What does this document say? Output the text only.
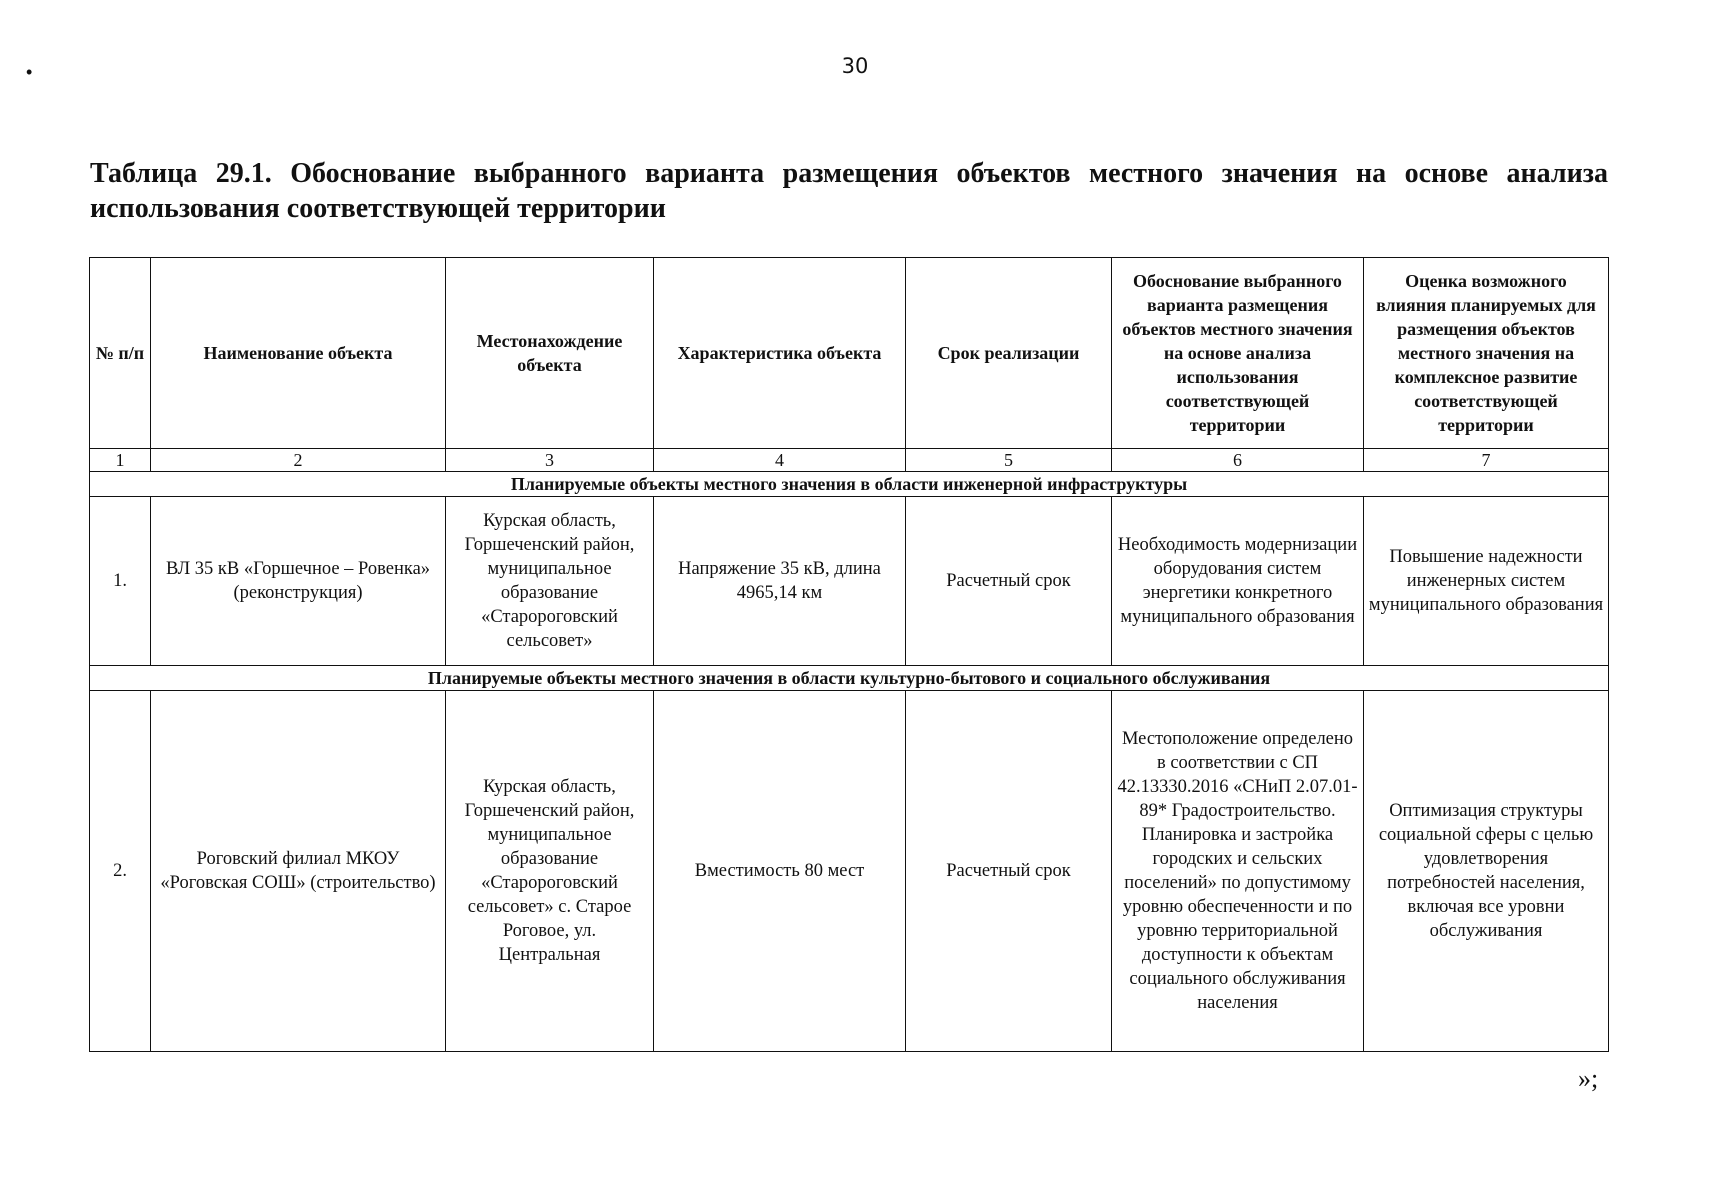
•	30
Таблица 29.1. Обоснование выбранного варианта размещения объектов местного значения на основе анализа использования соответствующей территории
№ п/п	Наименование объекта	Местонахождение объекта	Характеристика объекта	Срок реализации	Обоснование выбранного варианта размещения объектов местного значения на основе анализа использования соответствующей территории	Оценка возможного влияния планируемых для размещения объектов местного значения на комплексное развитие соответствующей территории
1	2	3	4	5	6	7
Планируемые объекты местного значения в области инженерной инфраструктуры						
1.	ВЛ 35 кВ «Горшечное – Ровенка» (реконструкция)	Курская область, Горшеченский район, муниципальное образование «Старороговский сельсовет»	Напряжение 35 кВ, длина 4965,14 км	Расчетный срок	Необходимость модернизации оборудования систем энергетики конкретного муниципального образования	Повышение надежности инженерных систем муниципального образования
Планируемые объекты местного значения в области культурно-бытового и социального обслуживания						
2.	Роговский филиал МКОУ «Роговская СОШ» (строительство)	Курская область, Горшеченский район, муниципальное образование «Старороговский сельсовет» с. Старое Роговое, ул. Центральная	Вместимость 80 мест	Расчетный срок	Местоположение определено в соответствии с СП 42.13330.2016 «СНиП 2.07.01-89* Градостроительство. Планировка и застройка городских и сельских поселений» по допустимому уровню обеспеченности и по уровню территориальной доступности к объектам социального обслуживания населения	Оптимизация структуры социальной сферы с целью удовлетворения потребностей населения, включая все уровни обслуживания
»;
